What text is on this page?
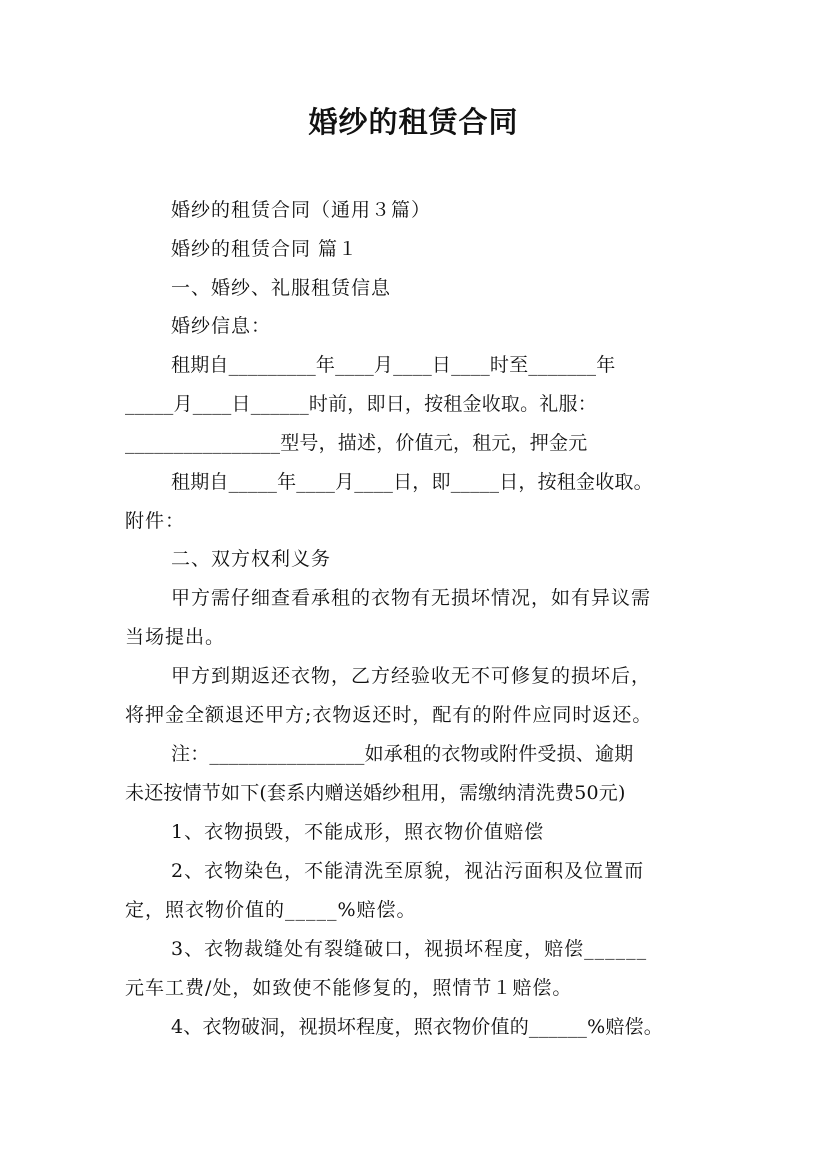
婚纱的租赁合同
婚纱的租赁合同（通用３篇）
婚纱的租赁合同 篇１
一、婚纱、礼服租赁信息
婚纱信息：
租期自_________年____月____日____时至_______年
_____月____日______时前，即日，按租金收取。礼服：
________________型号，描述，价值元，租元，押金元
租期自_____年____月____日，即_____日，按租金收取。
附件：
二、双方权利义务
甲方需仔细查看承租的衣物有无损坏情况，如有异议需
当场提出。
甲方到期返还衣物，乙方经验收无不可修复的损坏后，
将押金全额退还甲方;衣物返还时，配有的附件应同时返还。
注：________________如承租的衣物或附件受损、逾期
未还按情节如下(套系内赠送婚纱租用，需缴纳清洗费50元)
1、衣物损毁，不能成形，照衣物价值赔偿
2、衣物染色，不能清洗至原貌，视沾污面积及位置而
定，照衣物价值的_____%赔偿。
3、衣物裁缝处有裂缝破口，视损坏程度，赔偿______
元车工费/处，如致使不能修复的，照情节１赔偿。
4、衣物破洞，视损坏程度，照衣物价值的______%赔偿。
